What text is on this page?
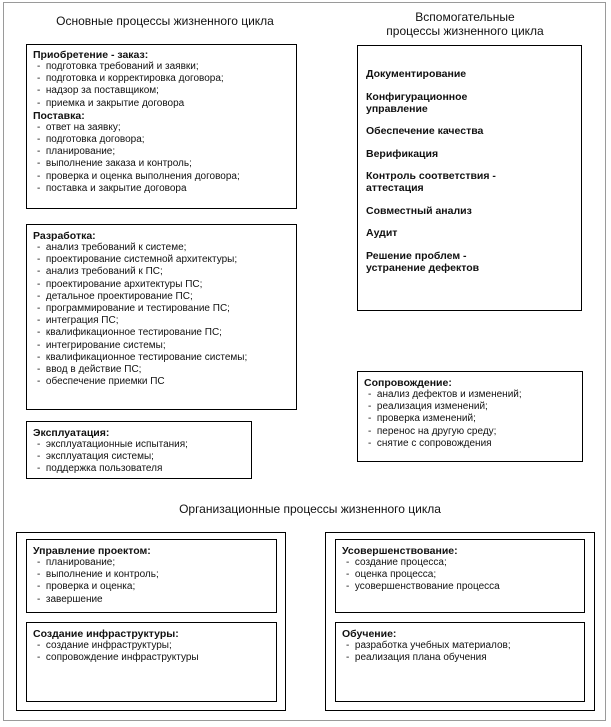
Основные процессы жизненного цикла	Вспомогательные
процессы жизненного цикла
Организационные процессы жизненного цикла
Приобретение - заказ:
-  подготовка требований и заявки;
-  подготовка и корректировка договора;
-  надзор за поставщиком;
-  приемка и закрытие договора
Поставка:
-  ответ на заявку;
-  подготовка договора;
-  планирование;
-  выполнение заказа и контроль;
-  проверка и оценка выполнения договора;
-  поставка и закрытие договора
Разработка:
-  анализ требований к системе;
-  проектирование системной архитектуры;
-  анализ требований к ПС;
-  проектирование архитектуры ПС;
-  детальное проектирование ПС;
-  программирование и тестирование ПС;
-  интеграция ПС;
-  квалификационное тестирование ПС;
-  интегрирование системы;
-  квалификационное тестирование системы;
-  ввод в действие ПС;
-  обеспечение приемки ПС
Эксплуатация:
-  эксплуатационные испытания;
-  эксплуатация системы;
-  поддержка пользователя
Документирование
Конфигурационное управление
Обеспечение качества
Верификация
Контроль соответствия - аттестация
Совместный анализ
Аудит
Решение проблем - устранение дефектов
Сопровождение:
-  анализ дефектов и изменений;
-  реализация изменений;
-  проверка изменений;
-  перенос на другую среду;
-  снятие с сопровождения
Управление проектом:
-  планирование;
-  выполнение и контроль;
-  проверка и оценка;
-  завершение
Создание инфраструктуры:
-  создание инфраструктуры;
-  сопровождение инфраструктуры
Усовершенствование:
-  создание процесса;
-  оценка процесса;
-  усовершенствование процесса
Обучение:
-  разработка учебных материалов;
-  реализация плана обучения
